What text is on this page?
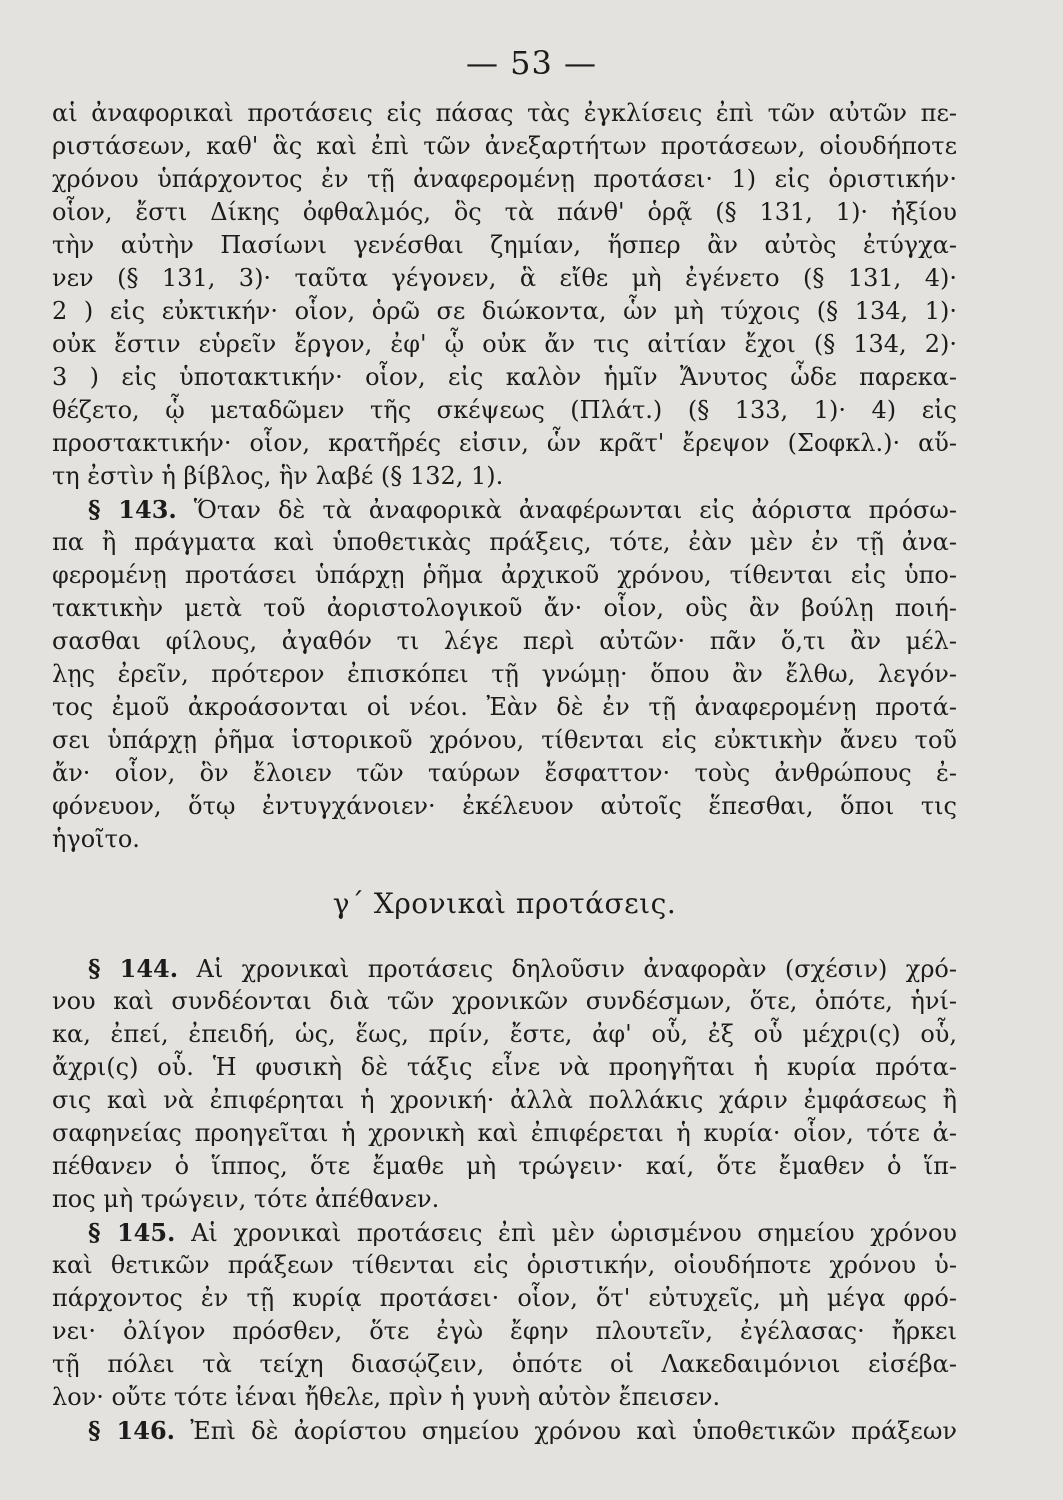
— 53 —
αἱ ἀναφορικαὶ προτάσεις εἰς πάσας τὰς ἐγκλίσεις ἐπὶ τῶν αὐτῶν πε-
ριστάσεων, καθ' ἃς καὶ ἐπὶ τῶν ἀνεξαρτήτων προτάσεων, οἱουδήποτε
χρόνου ὑπάρχοντος ἐν τῇ ἀναφερομένῃ προτάσει· 1) εἰς ὁριστικήν·
οἷον, ἔστι Δίκης ὀφθαλμός, ὃς τὰ πάνθ' ὁρᾷ (§ 131, 1)· ἠξίου
τὴν αὐτὴν Πασίωνι γενέσθαι ζημίαν, ἥσπερ ἂν αὐτὸς ἐτύγχα-
νεν (§ 131, 3)· ταῦτα γέγονεν, ἃ εἴθε μὴ ἐγένετο (§ 131, 4)·
2 ) εἰς εὐκτικήν· οἷον, ὁρῶ σε διώκοντα, ὧν μὴ τύχοις (§ 134, 1)·
οὐκ ἔστιν εὑρεῖν ἔργον, ἐφ' ᾧ οὐκ ἄν τις αἰτίαν ἔχοι (§ 134, 2)·
3 ) εἰς ὑποτακτικήν· οἷον, εἰς καλὸν ἡμῖν Ἄνυτος ὧδε παρεκα-
θέζετο, ᾧ μεταδῶμεν τῆς σκέψεως (Πλάτ.) (§ 133, 1)· 4) εἰς
προστακτικήν· οἷον, κρατῆρές εἰσιν, ὧν κρᾶτ' ἔρεψον (Σοφκλ.)· αὕ-
τη ἐστὶν ἡ βίβλος, ἣν λαβέ (§ 132, 1).
§ 143. Ὅταν δὲ τὰ ἀναφορικὰ ἀναφέρωνται εἰς ἀόριστα πρόσω-
πα ἢ πράγματα καὶ ὑποθετικὰς πράξεις, τότε, ἐὰν μὲν ἐν τῇ ἀνα-
φερομένῃ προτάσει ὑπάρχῃ ῥῆμα ἀρχικοῦ χρόνου, τίθενται εἰς ὑπο-
τακτικὴν μετὰ τοῦ ἀοριστολογικοῦ ἄν· οἷον, οὓς ἂν βούλῃ ποιή-
σασθαι φίλους, ἀγαθόν τι λέγε περὶ αὐτῶν· πᾶν ὅ,τι ἂν μέλ-
λῃς ἐρεῖν, πρότερον ἐπισκόπει τῇ γνώμῃ· ὅπου ἂν ἔλθω, λεγόν-
τος ἐμοῦ ἀκροάσονται οἱ νέοι. Ἐὰν δὲ ἐν τῇ ἀναφερομένῃ προτά-
σει ὑπάρχῃ ῥῆμα ἱστορικοῦ χρόνου, τίθενται εἰς εὐκτικὴν ἄνευ τοῦ
ἄν· οἷον, ὃν ἔλοιεν τῶν ταύρων ἔσφαττον· τοὺς ἀνθρώπους ἐ-
φόνευον, ὅτῳ ἐντυγχάνοιεν· ἐκέλευον αὐτοῖς ἕπεσθαι, ὅποι τις
ἡγοῖτο.
γ΄ Χρονικαὶ προτάσεις.
§ 144. Αἱ χρονικαὶ προτάσεις δηλοῦσιν ἀναφορὰν (σχέσιν) χρό-
νου καὶ συνδέονται διὰ τῶν χρονικῶν συνδέσμων, ὅτε, ὁπότε, ἡνί-
κα, ἐπεί, ἐπειδή, ὡς, ἕως, πρίν, ἔστε, ἀφ' οὗ, ἐξ οὗ μέχρι(ς) οὗ,
ἄχρι(ς) οὗ. Ἡ φυσικὴ δὲ τάξις εἶνε νὰ προηγῆται ἡ κυρία πρότα-
σις καὶ νὰ ἐπιφέρηται ἡ χρονική· ἀλλὰ πολλάκις χάριν ἐμφάσεως ἢ
σαφηνείας προηγεῖται ἡ χρονικὴ καὶ ἐπιφέρεται ἡ κυρία· οἷον, τότε ἀ-
πέθανεν ὁ ἵππος, ὅτε ἔμαθε μὴ τρώγειν· καί, ὅτε ἔμαθεν ὁ ἵπ-
πος μὴ τρώγειν, τότε ἀπέθανεν.
§ 145. Αἱ χρονικαὶ προτάσεις ἐπὶ μὲν ὡρισμένου σημείου χρόνου
καὶ θετικῶν πράξεων τίθενται εἰς ὁριστικήν, οἱουδήποτε χρόνου ὑ-
πάρχοντος ἐν τῇ κυρίᾳ προτάσει· οἷον, ὅτ' εὐτυχεῖς, μὴ μέγα φρό-
νει· ὀλίγον πρόσθεν, ὅτε ἐγὼ ἔφην πλουτεῖν, ἐγέλασας· ἤρκει
τῇ πόλει τὰ τείχη διασῴζειν, ὁπότε οἱ Λακεδαιμόνιοι εἰσέβα-
λον· οὔτε τότε ἰέναι ἤθελε, πρὶν ἡ γυνὴ αὐτὸν ἔπεισεν.
§ 146. Ἐπὶ δὲ ἀορίστου σημείου χρόνου καὶ ὑποθετικῶν πράξεων
